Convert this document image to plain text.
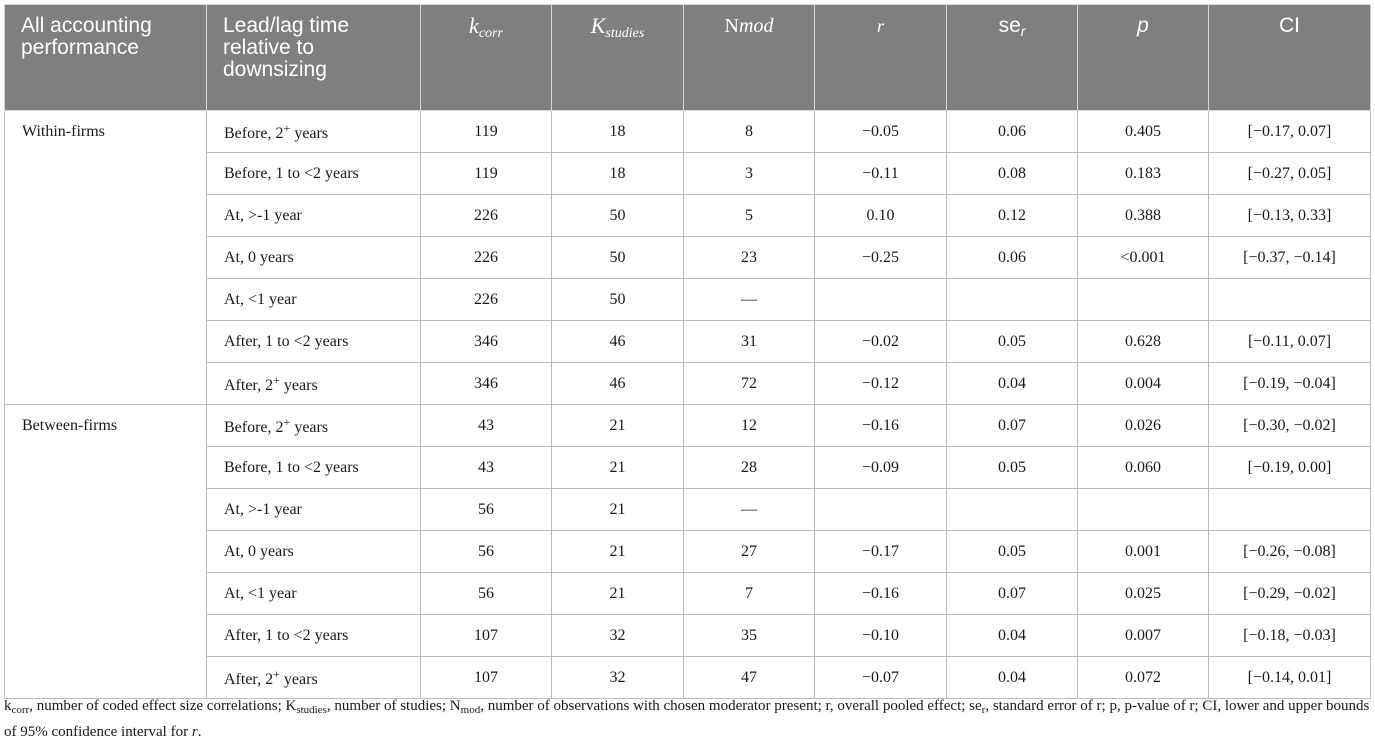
All accounting performance	Lead/lag time relative to downsizing	$k_{corr}$	$K_{studies}$	Nmod	r	$se_r$	p	CI
Within-firms	Before, 2+ years	119	18	8	−0.05	0.06	0.405	[−0.17, 0.07]
	Before, 1 to <2 years	119	18	3	−0.11	0.08	0.183	[−0.27, 0.05]
	At, >-1 year	226	50	5	0.10	0.12	0.388	[−0.13, 0.33]
	At, 0 years	226	50	23	−0.25	0.06	<0.001	[−0.37, −0.14]
	At, <1 year	226	50	—				
	After, 1 to <2 years	346	46	31	−0.02	0.05	0.628	[−0.11, 0.07]
	After, 2+ years	346	46	72	−0.12	0.04	0.004	[−0.19, −0.04]
Between-firms	Before, 2+ years	43	21	12	−0.16	0.07	0.026	[−0.30, −0.02]
	Before, 1 to <2 years	43	21	28	−0.09	0.05	0.060	[−0.19, 0.00]
	At, >-1 year	56	21	—				
	At, 0 years	56	21	27	−0.17	0.05	0.001	[−0.26, −0.08]
	At, <1 year	56	21	7	−0.16	0.07	0.025	[−0.29, −0.02]
	After, 1 to <2 years	107	32	35	−0.10	0.04	0.007	[−0.18, −0.03]
	After, 2+ years	107	32	47	−0.07	0.04	0.072	[−0.14, 0.01]
$k_{corr}$, number of coded effect size correlations; $K_{studies}$, number of studies; $N_{mod}$, number of observations with chosen moderator present; r, overall pooled effect; $se_r$, standard error of r; p, p-value of r; CI, lower and upper bounds of 95% confidence interval for r.
